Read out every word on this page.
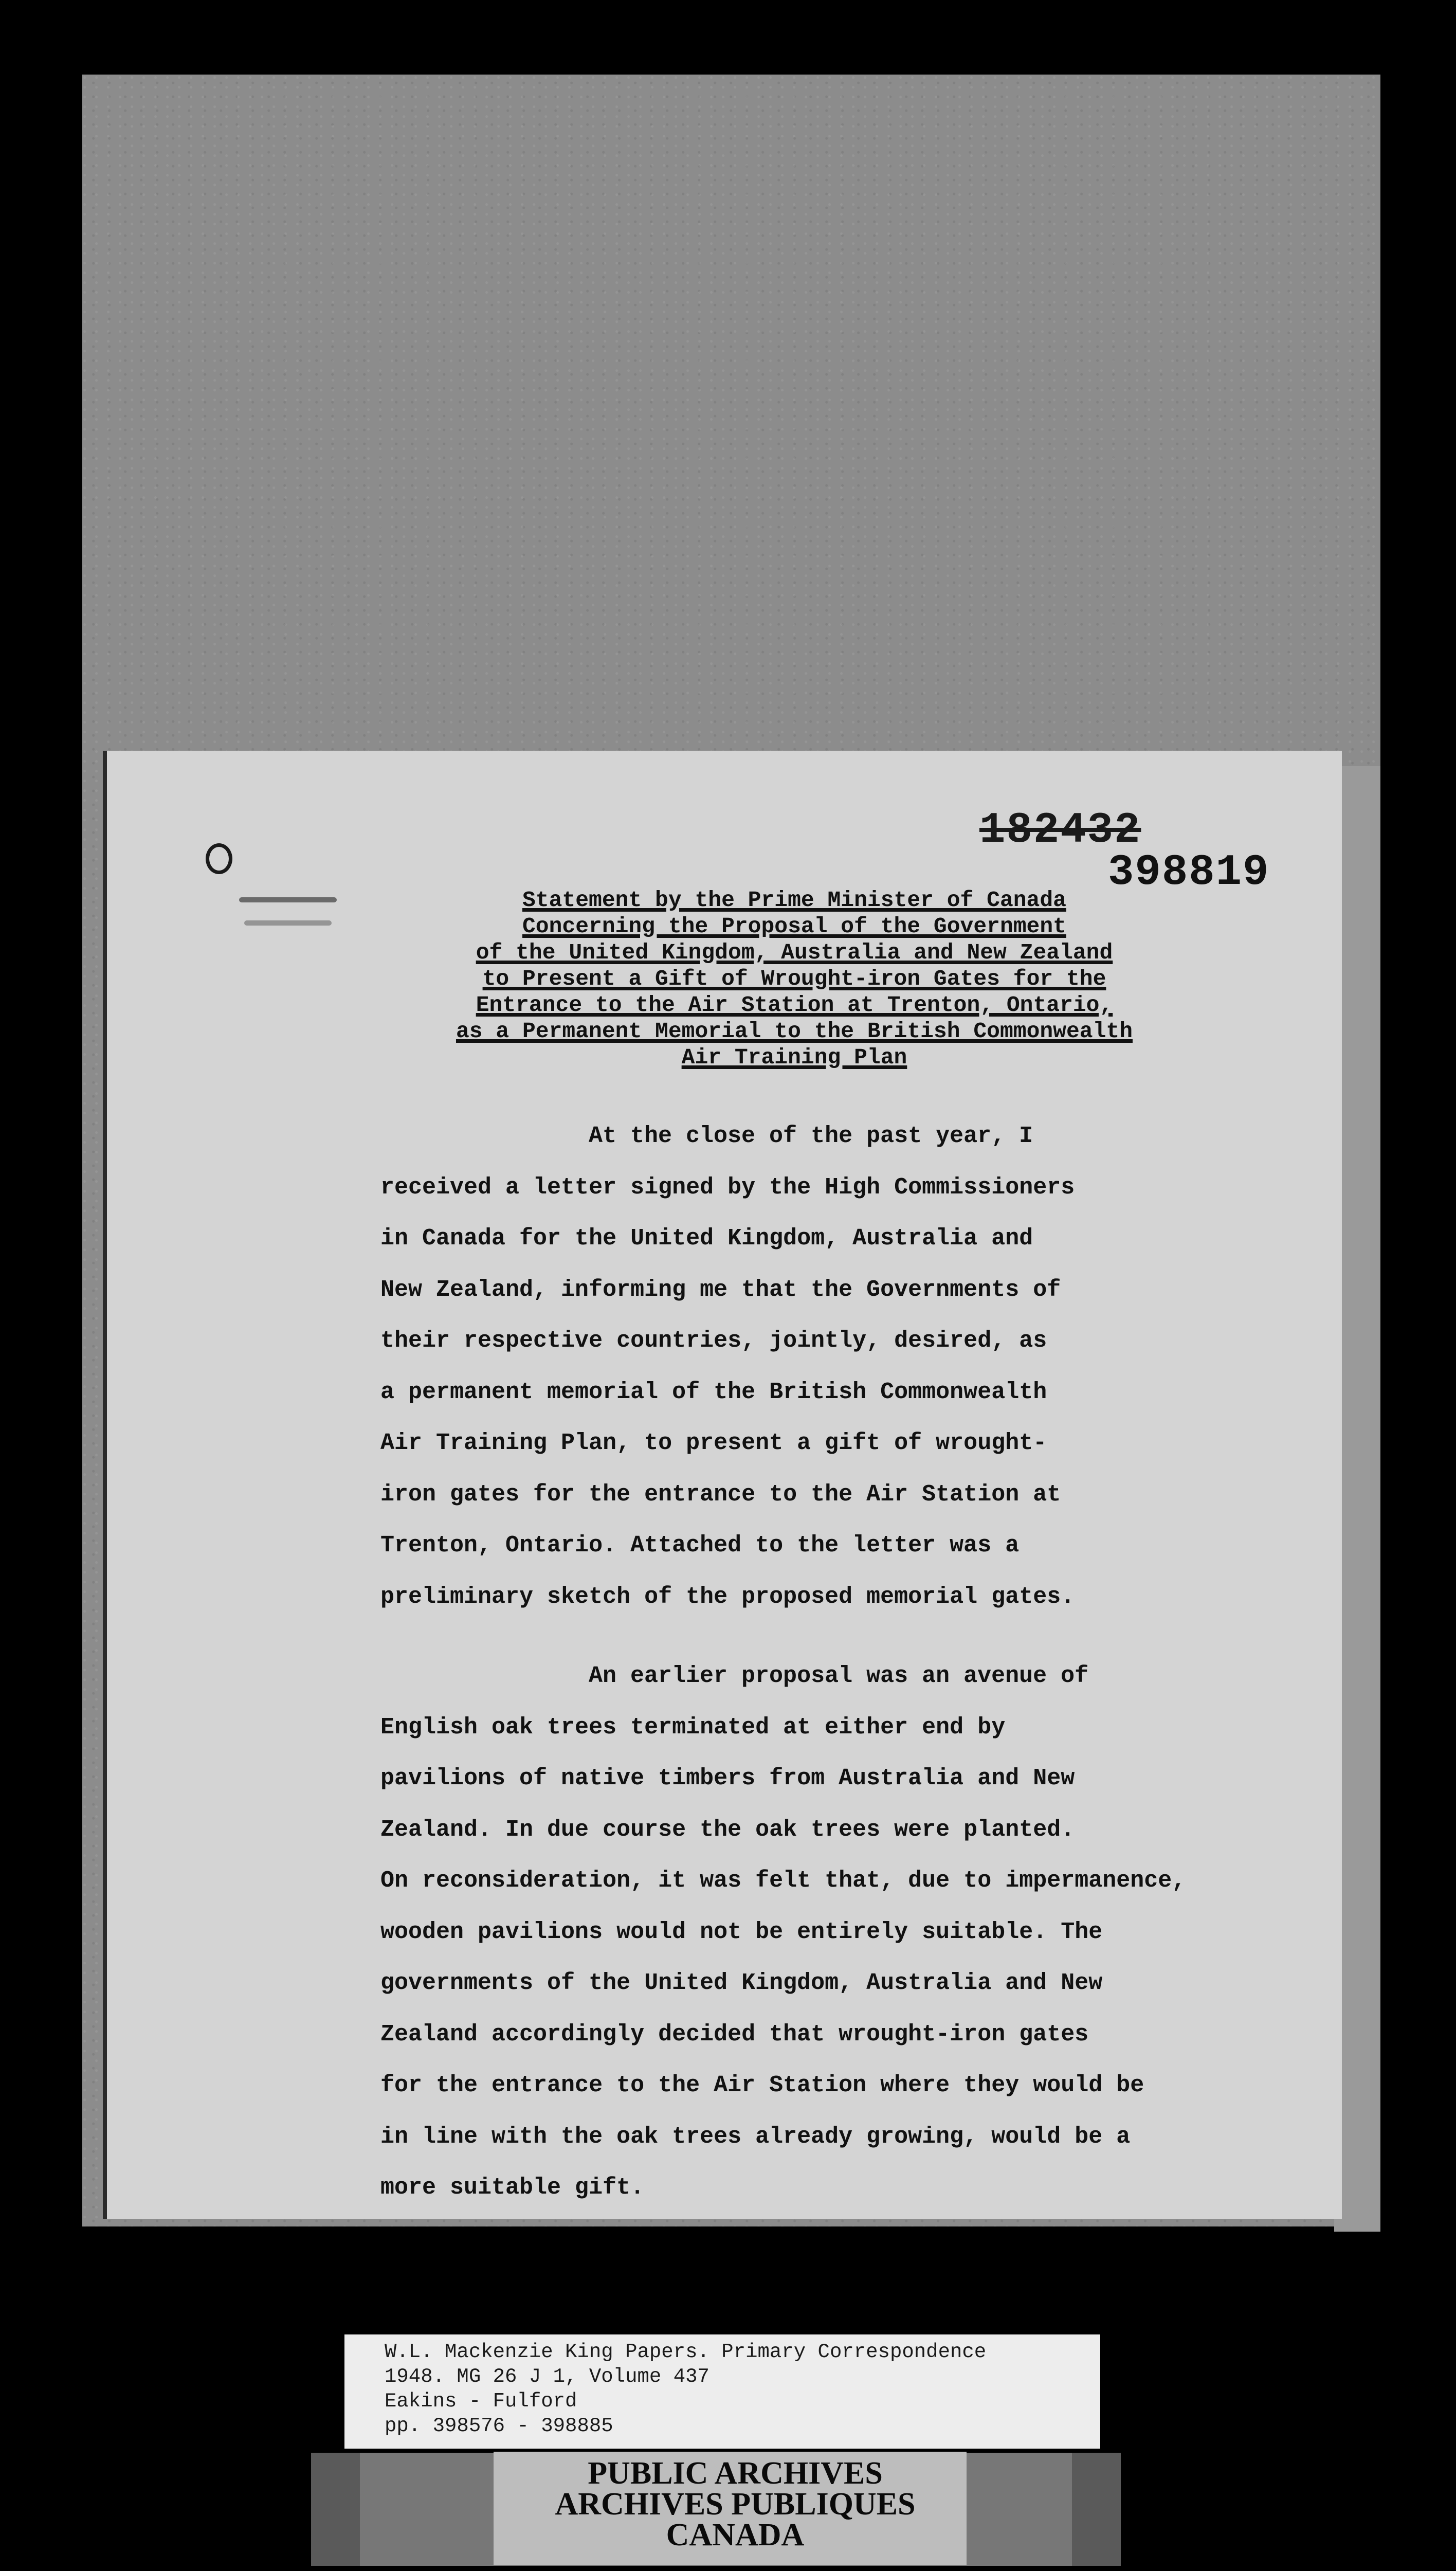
182432
398819
Statement by the Prime Minister of Canada
Concerning the Proposal of the Government
of the United Kingdom, Australia and New Zealand
to Present a Gift of Wrought-iron Gates for the
Entrance to the Air Station at Trenton, Ontario,
as a Permanent Memorial to the British Commonwealth
Air Training Plan
At the close of the past year, I
received a letter signed by the High Commissioners
in Canada for the United Kingdom, Australia and
New Zealand, informing me that the Governments of
their respective countries, jointly, desired, as
a permanent memorial of the British Commonwealth
Air Training Plan, to present a gift of wrought-
iron gates for the entrance to the Air Station at
Trenton, Ontario. Attached to the letter was a
preliminary sketch of the proposed memorial gates.
An earlier proposal was an avenue of
English oak trees terminated at either end by
pavilions of native timbers from Australia and New
Zealand. In due course the oak trees were planted.
On reconsideration, it was felt that, due to impermanence,
wooden pavilions would not be entirely suitable. The
governments of the United Kingdom, Australia and New
Zealand accordingly decided that wrought-iron gates
for the entrance to the Air Station where they would be
in line with the oak trees already growing, would be a
more suitable gift.
W.L. Mackenzie King Papers. Primary Correspondence
1948. MG 26 J 1, Volume 437
Eakins - Fulford
pp. 398576 - 398885
PUBLIC ARCHIVES
ARCHIVES PUBLIQUES
CANADA
